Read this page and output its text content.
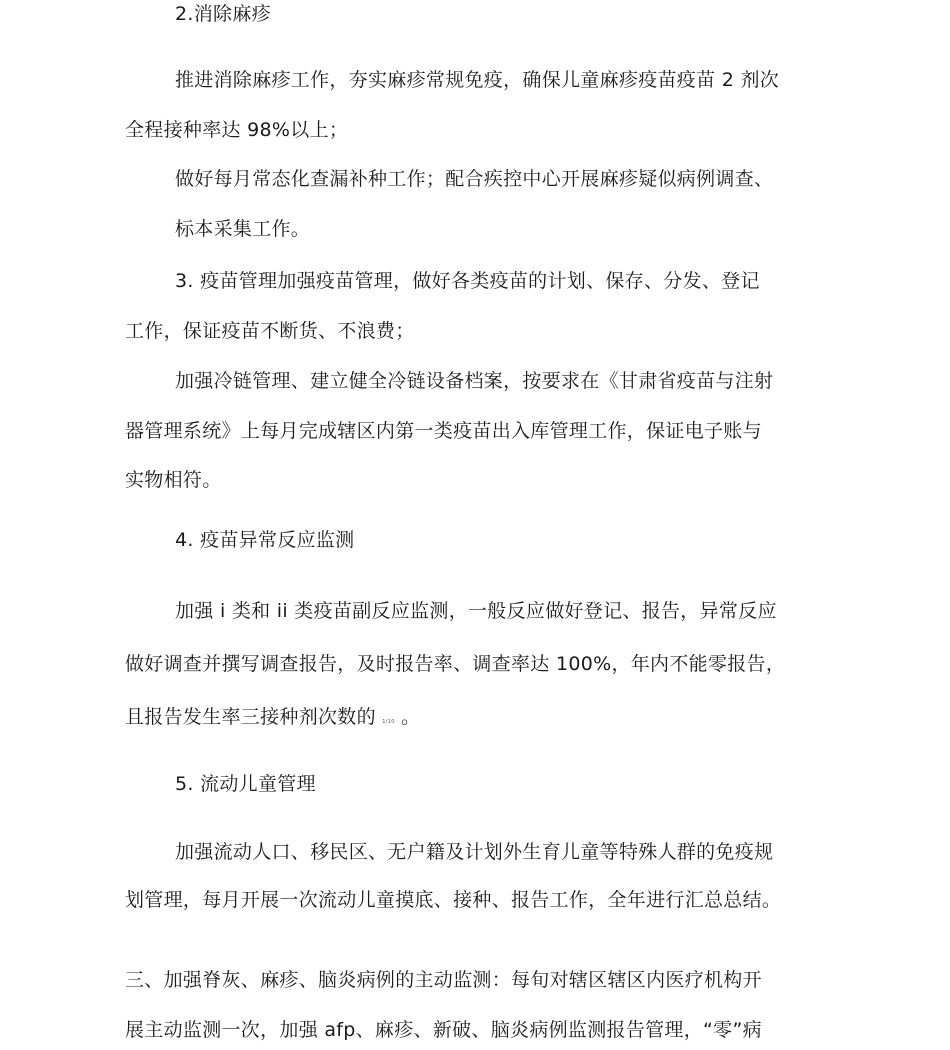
2.消除麻疹
推进消除麻疹工作，夯实麻疹常规免疫，确保儿童麻疹疫苗疫苗 2 剂次
全程接种率达 98%以上；
做好每月常态化查漏补种工作；配合疾控中心开展麻疹疑似病例调查、
标本采集工作。
3. 疫苗管理加强疫苗管理，做好各类疫苗的计划、保存、分发、登记
工作，保证疫苗不断货、不浪费；
加强冷链管理、建立健全冷链设备档案，按要求在《甘肃省疫苗与注射
器管理系统》上每月完成辖区内第一类疫苗出入库管理工作，保证电子账与
实物相符。
4. 疫苗异常反应监测
加强 i 类和 ii 类疫苗副反应监测，一般反应做好登记、报告，异常反应
做好调查并撰写调查报告，及时报告率、调查率达 100%，年内不能零报告，
且报告发生率三接种剂次数的 1/10 。
5. 流动儿童管理
加强流动人口、移民区、无户籍及计划外生育儿童等特殊人群的免疫规
划管理，每月开展一次流动儿童摸底、接种、报告工作，全年进行汇总总结。
三、加强脊灰、麻疹、脑炎病例的主动监测：每旬对辖区辖区内医疗机构开
展主动监测一次，加强 afp、麻疹、新破、脑炎病例监测报告管理，“零”病
